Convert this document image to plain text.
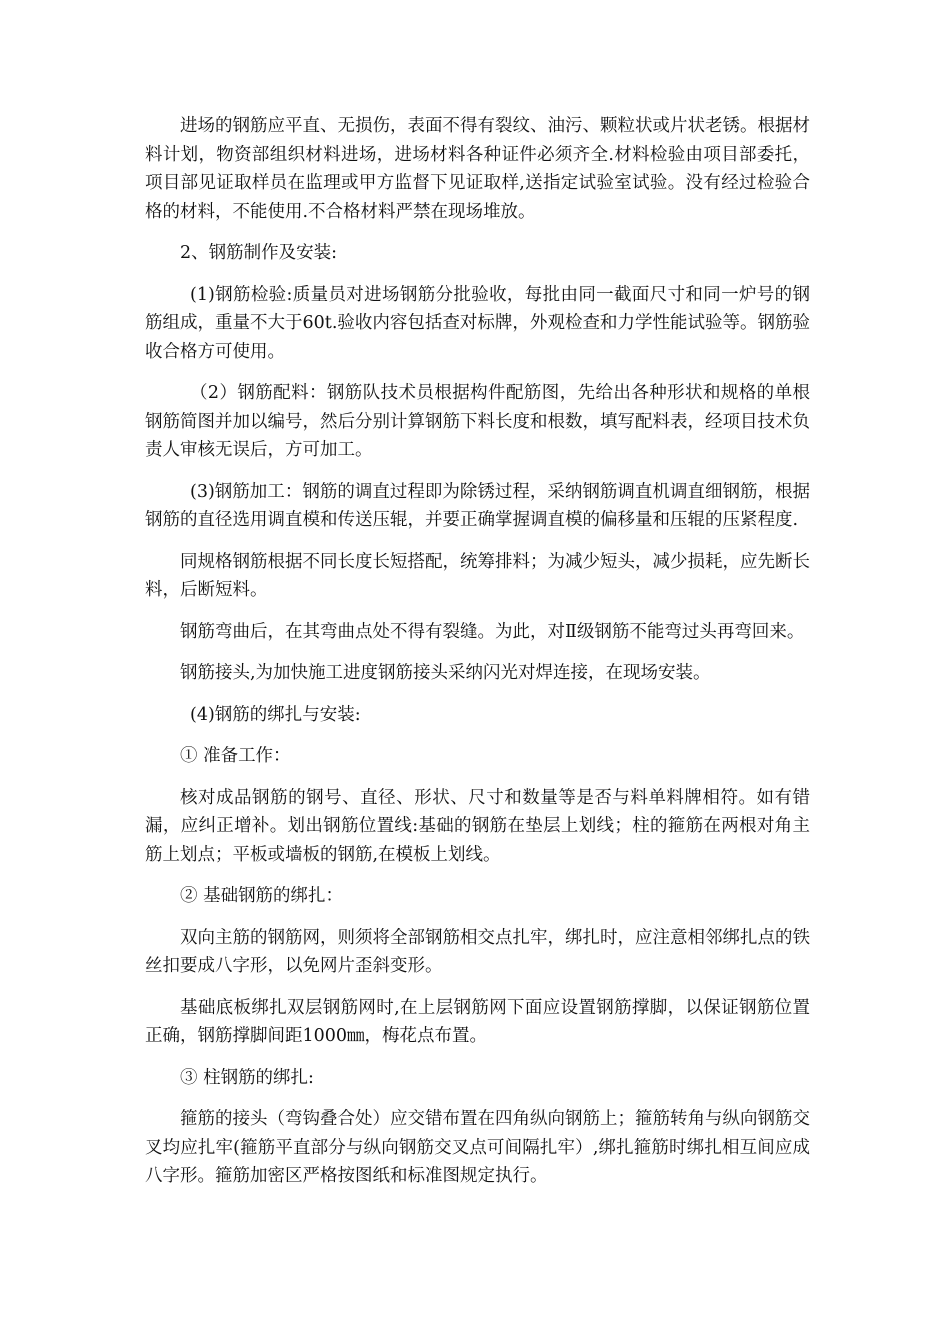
进场的钢筋应平直、无损伤，表面不得有裂纹、油污、颗粒状或片状老锈。根据材料计划，物资部组织材料进场，进场材料各种证件必须齐全.材料检验由项目部委托，项目部见证取样员在监理或甲方监督下见证取样,送指定试验室试验。没有经过检验合格的材料，不能使用.不合格材料严禁在现场堆放。

2、钢筋制作及安装:

(1)钢筋检验:质量员对进场钢筋分批验收，每批由同一截面尺寸和同一炉号的钢筋组成，重量不大于60t.验收内容包括查对标牌，外观检查和力学性能试验等。钢筋验收合格方可使用。

（2）钢筋配料：钢筋队技术员根据构件配筋图，先给出各种形状和规格的单根钢筋简图并加以编号，然后分别计算钢筋下料长度和根数，填写配料表，经项目技术负责人审核无误后，方可加工。

(3)钢筋加工：钢筋的调直过程即为除锈过程，采纳钢筋调直机调直细钢筋，根据钢筋的直径选用调直模和传送压辊，并要正确掌握调直模的偏移量和压辊的压紧程度.

同规格钢筋根据不同长度长短搭配，统筹排料；为减少短头，减少损耗，应先断长料，后断短料。

钢筋弯曲后，在其弯曲点处不得有裂缝。为此，对Ⅱ级钢筋不能弯过头再弯回来。

钢筋接头,为加快施工进度钢筋接头采纳闪光对焊连接，在现场安装。

(4)钢筋的绑扎与安装:

① 准备工作：

核对成品钢筋的钢号、直径、形状、尺寸和数量等是否与料单料牌相符。如有错漏，应纠正增补。划出钢筋位置线:基础的钢筋在垫层上划线；柱的箍筋在两根对角主筋上划点；平板或墙板的钢筋,在模板上划线。

② 基础钢筋的绑扎：

双向主筋的钢筋网，则须将全部钢筋相交点扎牢，绑扎时，应注意相邻绑扎点的铁丝扣要成八字形，以免网片歪斜变形。

基础底板绑扎双层钢筋网时,在上层钢筋网下面应设置钢筋撑脚，以保证钢筋位置正确，钢筋撑脚间距1000㎜，梅花点布置。

③ 柱钢筋的绑扎:

箍筋的接头（弯钩叠合处）应交错布置在四角纵向钢筋上；箍筋转角与纵向钢筋交叉均应扎牢(箍筋平直部分与纵向钢筋交叉点可间隔扎牢）,绑扎箍筋时绑扎相互间应成八字形。箍筋加密区严格按图纸和标准图规定执行。
